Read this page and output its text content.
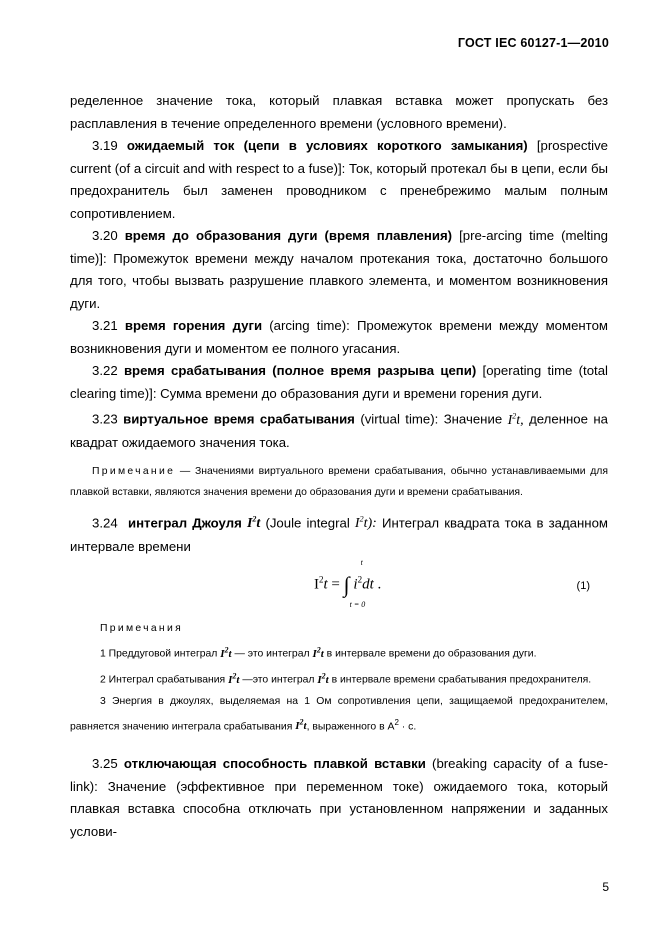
ГОСТ IEC 60127-1—2010

ределенное значение тока, который плавкая вставка может пропускать без расплавления в течение определенного времени (условного времени).

3.19 ожидаемый ток (цепи в условиях короткого замыкания) [prospective current (of a circuit and with respect to a fuse)]: Ток, который протекал бы в цепи, если бы предохранитель был заменен проводником с пренебрежимо малым полным сопротивлением.

3.20 время до образования дуги (время плавления) [pre-arcing time (melting time)]: Промежуток времени между началом протекания тока, достаточно большого для того, чтобы вызвать разрушение плавкого элемента, и моментом возникновения дуги.

3.21 время горения дуги (arcing time): Промежуток времени между моментом возникновения дуги и моментом ее полного угасания.

3.22 время срабатывания (полное время разрыва цепи) [operating time (total clearing time)]: Сумма времени до образования дуги и времени горения дуги.

3.23 виртуальное время срабатывания (virtual time): Значение $I^2t$, деленное на квадрат ожидаемого значения тока.

Примечание — Значениями виртуального времени срабатывания, обычно устанавливаемыми для плавкой вставки, являются значения времени до образования дуги и времени срабатывания.

3.24 интеграл Джоуля $I^2t$ (Joule integral $I^2t$): Интеграл квадрата тока в заданном интервале времени

$I^2t$ = ∫
t
t = 0
$i^2dt$ .	(1)

Примечания

1 Преддуговой интеграл $I^2t$ — это интеграл $I^2t$ в интервале времени до образования дуги.

2 Интеграл срабатывания $I^2t$ —это интеграл $I^2t$ в интервале времени срабатывания предохранителя.

3 Энергия в джоулях, выделяемая на 1 Ом сопротивления цепи, защищаемой предохранителем, равняется значению интеграла срабатывания $I^2t$, выраженного в $А^2 \cdot с$.

3.25 отключающая способность плавкой вставки (breaking capacity of a fuse-link): Значение (эффективное при переменном токе) ожидаемого тока, который плавкая вставка способна отключать при установленном напряжении и заданных услови-

5
